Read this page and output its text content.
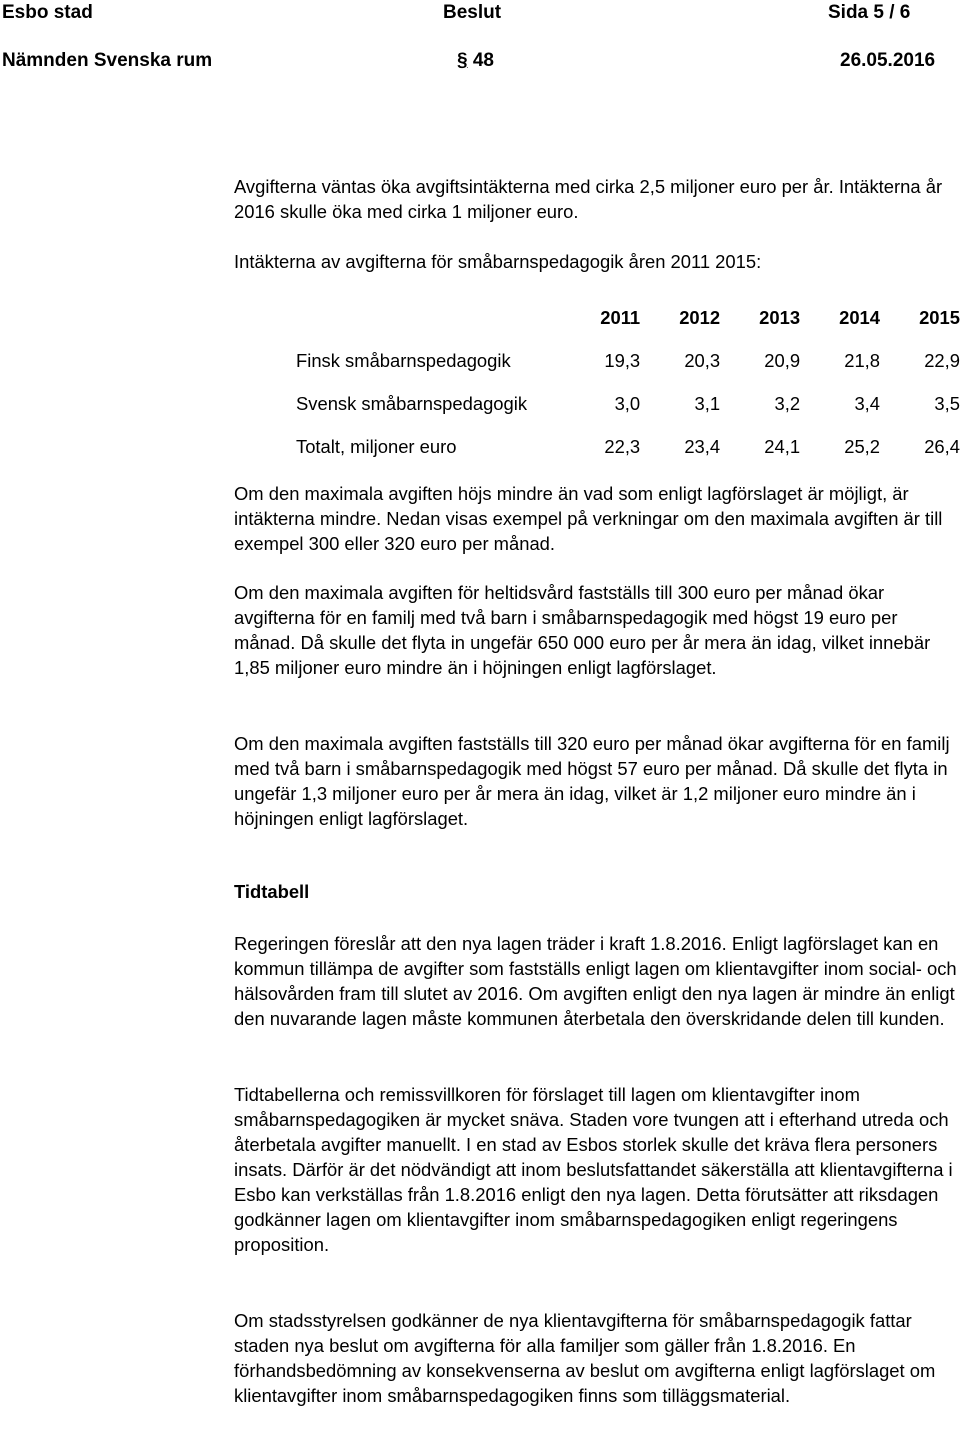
Esbo stad	Beslut	Sida 5 / 6
Nämnden Svenska rum	§ 48	26.05.2016

Avgifterna väntas öka avgiftsintäkterna med cirka 2,5 miljoner euro per år. Intäkterna år 2016 skulle öka med cirka 1 miljoner euro.

Intäkterna av avgifterna för småbarnspedagogik åren 2011 2015:

	2011	2012	2013	2014	2015
Finsk småbarnspedagogik	19,3	20,3	20,9	21,8	22,9
Svensk småbarnspedagogik	3,0	3,1	3,2	3,4	3,5
Totalt, miljoner euro	22,3	23,4	24,1	25,2	26,4

Om den maximala avgiften höjs mindre än vad som enligt lagförslaget är möjligt, är intäkterna mindre. Nedan visas exempel på verkningar om den maximala avgiften är till exempel 300 eller 320 euro per månad.

Om den maximala avgiften för heltidsvård fastställs till 300 euro per månad ökar avgifterna för en familj med två barn i småbarnspedagogik med högst 19 euro per månad. Då skulle det flyta in ungefär 650 000 euro per år mera än idag, vilket innebär 1,85 miljoner euro mindre än i höjningen enligt lagförslaget.

Om den maximala avgiften fastställs till 320 euro per månad ökar avgifterna för en familj med två barn i småbarnspedagogik med högst 57 euro per månad. Då skulle det flyta in ungefär 1,3 miljoner euro per år mera än idag, vilket är 1,2 miljoner euro mindre än i höjningen enligt lagförslaget.

Tidtabell

Regeringen föreslår att den nya lagen träder i kraft 1.8.2016. Enligt lagförslaget kan en kommun tillämpa de avgifter som fastställs enligt lagen om klientavgifter inom social- och hälsovården fram till slutet av 2016. Om avgiften enligt den nya lagen är mindre än enligt den nuvarande lagen måste kommunen återbetala den överskridande delen till kunden.

Tidtabellerna och remissvillkoren för förslaget till lagen om klientavgifter inom småbarnspedagogiken är mycket snäva. Staden vore tvungen att i efterhand utreda och återbetala avgifter manuellt. I en stad av Esbos storlek skulle det kräva flera personers insats. Därför är det nödvändigt att inom beslutsfattandet säkerställa att klientavgifterna i Esbo kan verkställas från 1.8.2016 enligt den nya lagen. Detta förutsätter att riksdagen godkänner lagen om klientavgifter inom småbarnspedagogiken enligt regeringens proposition.

Om stadsstyrelsen godkänner de nya klientavgifterna för småbarnspedagogik fattar staden nya beslut om avgifterna för alla familjer som gäller från 1.8.2016. En förhandsbedömning av konsekvenserna av beslut om avgifterna enligt lagförslaget om klientavgifter inom småbarnspedagogiken finns som tilläggsmaterial.
